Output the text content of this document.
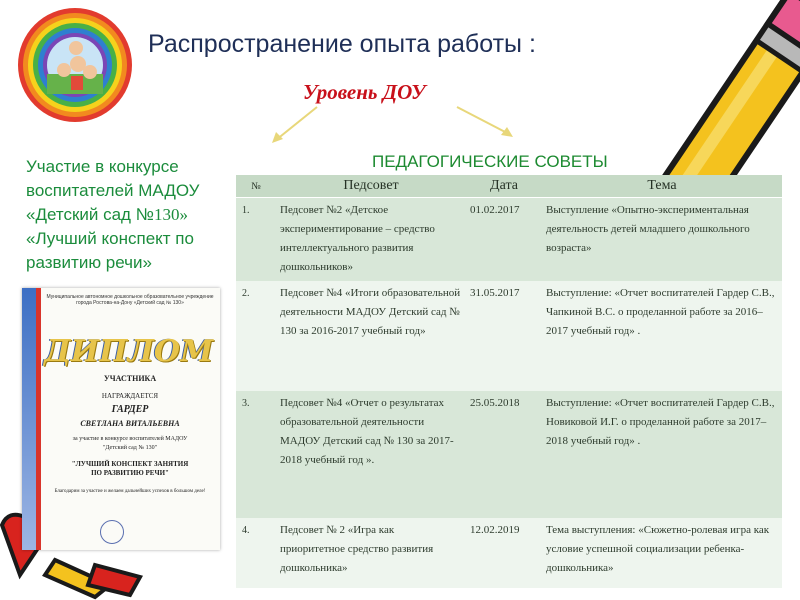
Распространение опыта работы :
Уровень ДОУ
Участие в конкурсе
воспитателей МАДОУ
«Детский сад №130»
«Лучший конспект по
развитию речи»
ПЕДАГОГИЧЕСКИЕ СОВЕТЫ
№	Педсовет	Дата	Тема
1.	Педсовет №2 «Детское экспериментирование – средство интеллектуального развития дошкольников»	01.02.2017	Выступление «Опытно-экспериментальная деятельность детей младшего дошкольного возраста»
2.	Педсовет №4 «Итоги образовательной деятельности МАДОУ Детский сад № 130 за 2016-2017 учебный год»	31.05.2017	Выступление: «Отчет воспитателей Гардер С.В., Чапкиной В.С. о проделанной работе за 2016– 2017 учебный год» .
3.	Педсовет №4 «Отчет о результатах образовательной деятельности МАДОУ Детский сад № 130 за 2017-2018 учебный год ».	25.05.2018	Выступление: «Отчет воспитателей Гардер С.В., Новиковой И.Г. о проделанной работе за 2017– 2018 учебный год» .
4.	Педсовет № 2 «Игра как приоритетное средство развития дошкольника»	12.02.2019	Тема выступления: «Сюжетно-ролевая игра как условие успешной социализации ребенка-дошкольника»
Муниципальное автономное дошкольное образовательное учреждение города Ростова-на-Дону «Детский сад № 130»
ДИПЛОМ
УЧАСТНИКА
НАГРАЖДАЕТСЯ
ГАРДЕР
СВЕТЛАНА ВИТАЛЬЕВНА
за участие в конкурсе воспитателей МАДОУ
"Детский сад № 130"
"ЛУЧШИЙ КОНСПЕКТ ЗАНЯТИЯ
ПО РАЗВИТИЮ РЕЧИ"
Благодарим за участие и желаем дальнейших успехов в большом деле!
